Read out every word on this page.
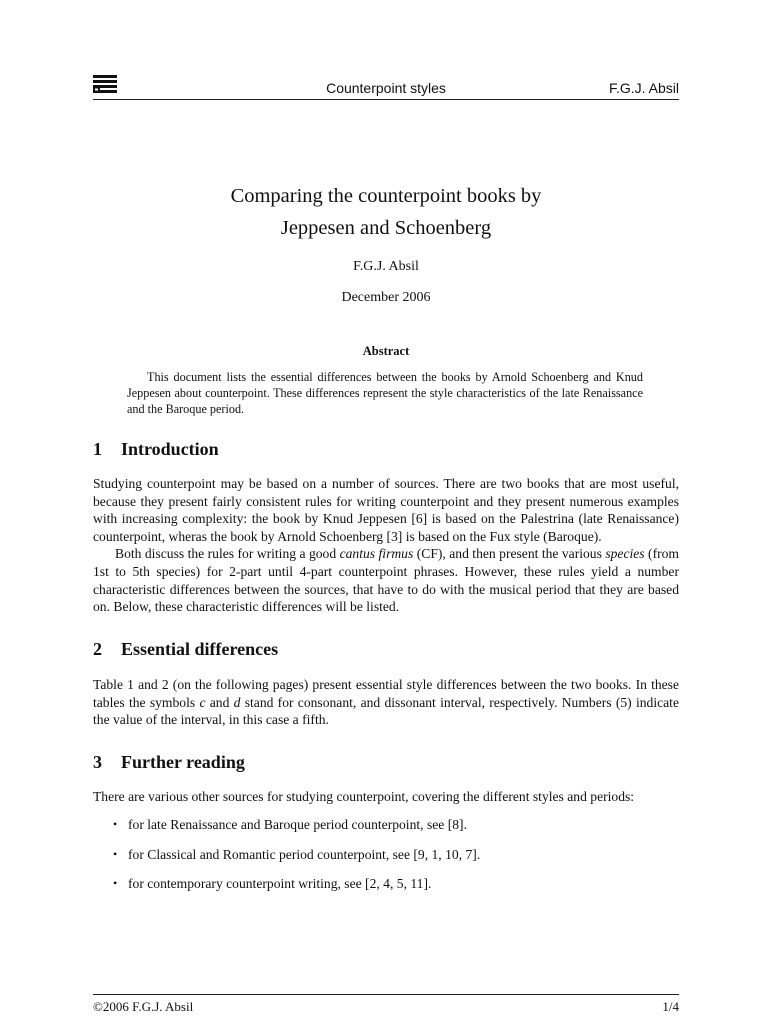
Counterpoint styles	F.G.J. Absil
Comparing the counterpoint books by
Jeppesen and Schoenberg
F.G.J. Absil
December 2006
Abstract
This document lists the essential differences between the books by Arnold Schoenberg and Knud Jeppesen about counterpoint. These differences represent the style characteristics of the late Renaissance and the Baroque period.
1 Introduction

Studying counterpoint may be based on a number of sources. There are two books that are most useful, because they present fairly consistent rules for writing counterpoint and they present numerous examples with increasing complexity: the book by Knud Jeppesen [6] is based on the Palestrina (late Renaissance) counterpoint, wheras the book by Arnold Schoenberg [3] is based on the Fux style (Baroque).

Both discuss the rules for writing a good cantus firmus (CF), and then present the various species (from 1st to 5th species) for 2-part until 4-part counterpoint phrases. However, these rules yield a number characteristic differences between the sources, that have to do with the musical period that they are based on. Below, these characteristic differences will be listed.

2 Essential differences

Table 1 and 2 (on the following pages) present essential style differences between the two books. In these tables the symbols c and d stand for consonant, and dissonant interval, respectively. Numbers (5) indicate the value of the interval, in this case a fifth.

3 Further reading
There are various other sources for studying counterpoint, covering the different styles and periods:
• for late Renaissance and Baroque period counterpoint, see [8].
• for Classical and Romantic period counterpoint, see [9, 1, 10, 7].
• for contemporary counterpoint writing, see [2, 4, 5, 11].
©2006 F.G.J. Absil	1/4
